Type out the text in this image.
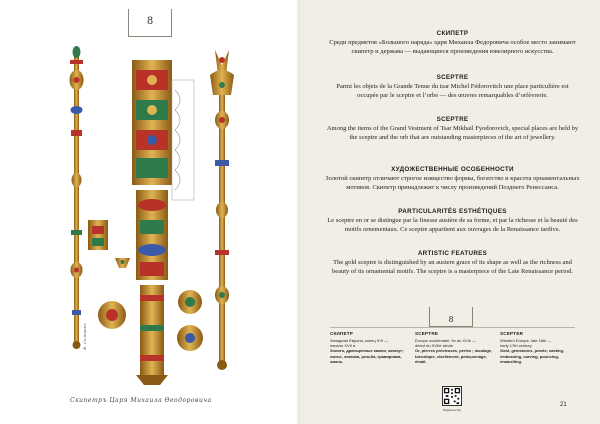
8
Ф. Солнцевъ
Скипетръ Царя Михаила Ѳеодоровича
СКИПЕТР
Среди предметов «Большого наряда» царя Михаила Федоровича особое место занимают скипетр и держава — выдающиеся произведения ювелирного искусства.
SCEPTRE
Parmi les objets de la Grande Tenue du tsar Michel Fédorovitch une place particulière est occupée par le sceptre et l’orbe — des œuvres remarquables d’orfèvrerie.
SCEPTRE
Among the items of the Grand Vestment of Tsar Mikhail Fyodorovich, special places are held by the sceptre and the orb that are outstanding masterpieces of the art of jewellery.
ХУДОЖЕСТВЕННЫЕ ОСОБЕННОСТИ
Золотой скипетр отличают строгое изящество формы, богатство и красота орнаментальных мотивов. Скипетр принадлежит к числу произведений Позднего Ренессанса.
PARTICULARITÉS ESTHÉTIQUES
Le sceptre en or se distingue par la finesse austère de sa forme, et par la richesse et la beauté des motifs ornementaux. Ce sceptre appartient aux ouvrages de la Renaissance tardive.
ARTISTIC FEATURES
The gold sceptre is distinguished by an austere grace of its shape as well as the richness and beauty of its ornamental motifs. The sceptre is a masterpiece of the Late Renaissance period.
8
СКИПЕТР
Западная Европа, конец XVI —
начало XVII в.
Золото, драгоценные камни, жемчуг; литье, чеканка, резьба, гравировка, эмаль.
SCEPTRE
Europe occidentale, fin du XVIe —
début du XVIIe siècle.
Or, pierres précieuses, perles ; moulage, toreutique, cisellement, poinçonnage, émail.
SCEPTER
Western Europe, late 16th —
early 17th century
Gold, gemstones, pearls; casting, embossing, carving, pouncing, enamelling.
Издательство
21
